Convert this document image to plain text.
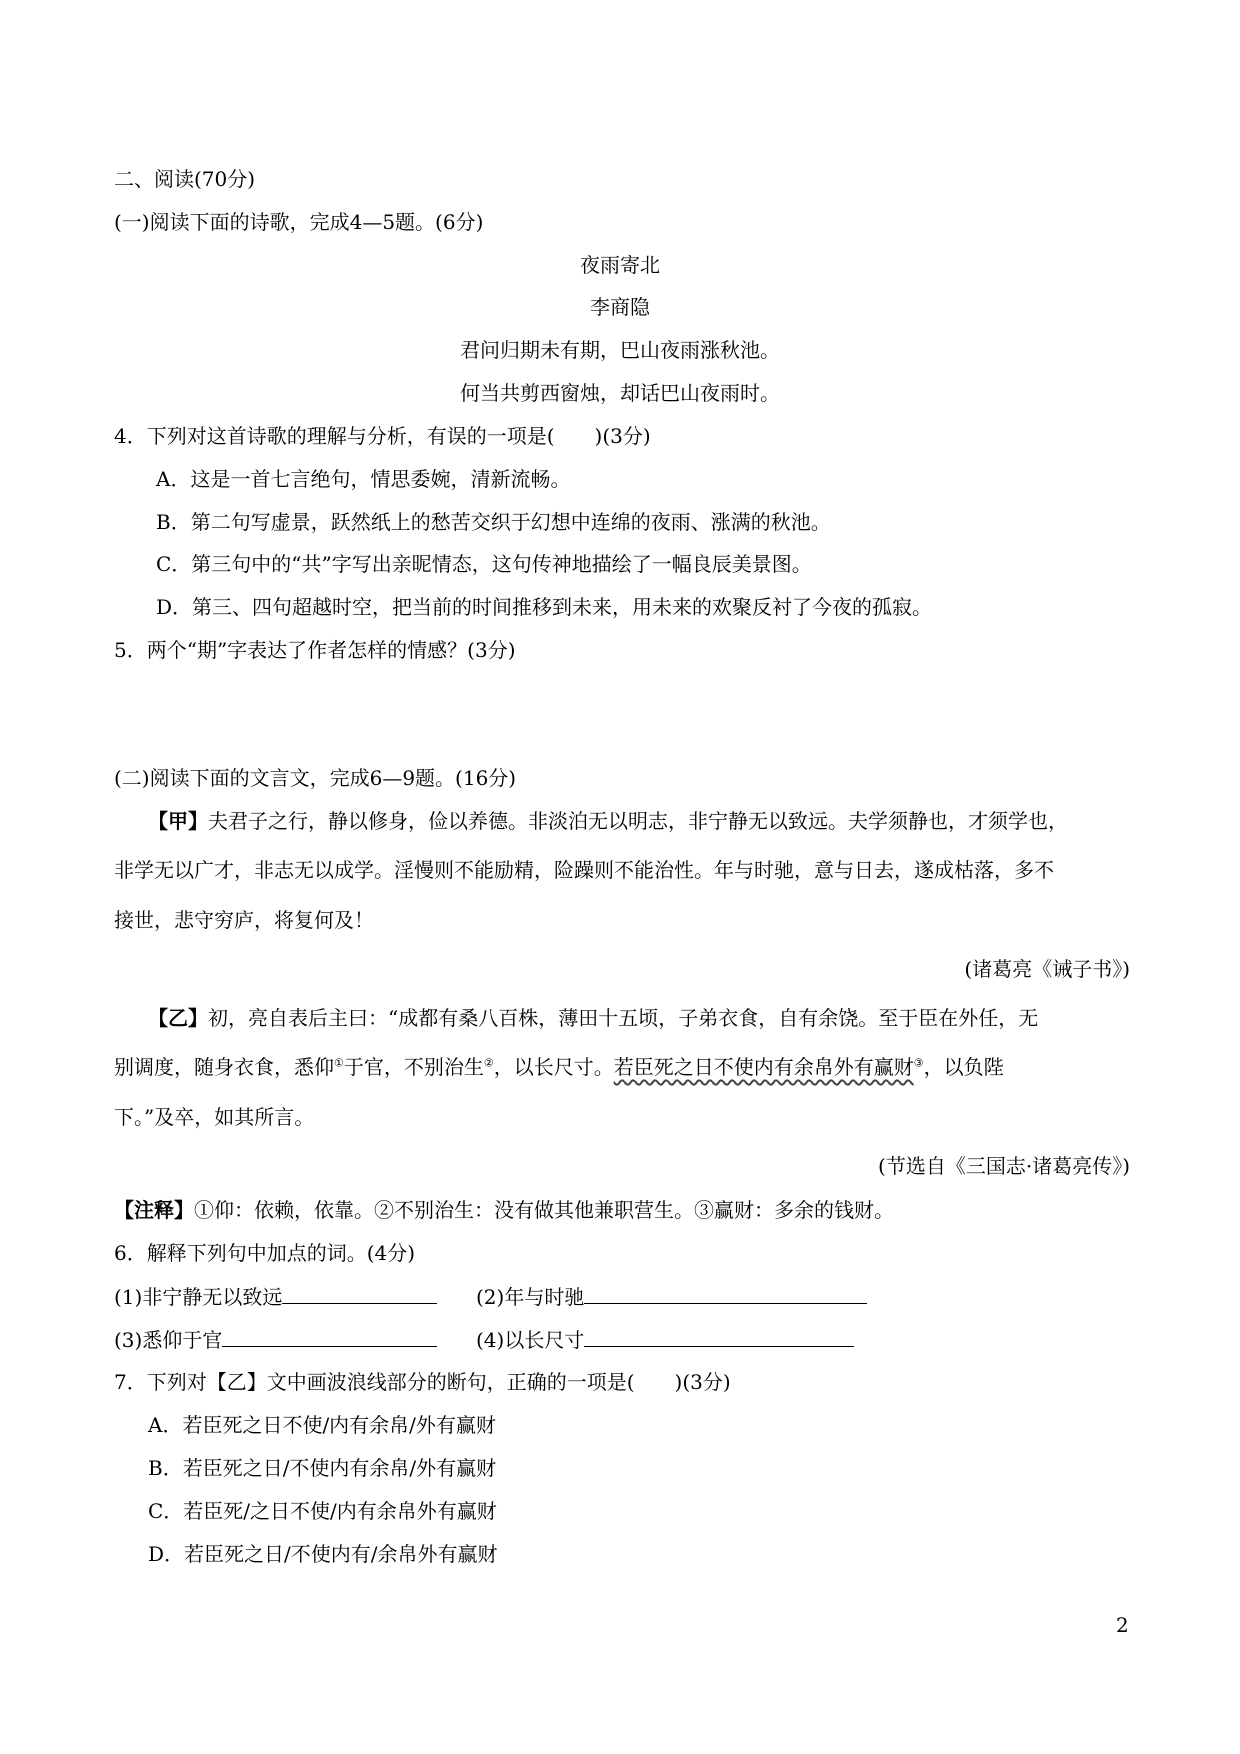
二、阅读(70分)
(一)阅读下面的诗歌，完成4—5题。(6分)
夜雨寄北
李商隐
君问归期未有期，巴山夜雨涨秋池。
何当共剪西窗烛，却话巴山夜雨时。
4．下列对这首诗歌的理解与分析，有误的一项是(　　)(3分)
A．这是一首七言绝句，情思委婉，清新流畅。
B．第二句写虚景，跃然纸上的愁苦交织于幻想中连绵的夜雨、涨满的秋池。
C．第三句中的“共”字写出亲昵情态，这句传神地描绘了一幅良辰美景图。
D．第三、四句超越时空，把当前的时间推移到未来，用未来的欢聚反衬了今夜的孤寂。
5．两个“期”字表达了作者怎样的情感？(3分)
(二)阅读下面的文言文，完成6—9题。(16分)
【甲】夫君子之行，静以修身，俭以养德。非淡泊无以明志，非宁静无以致远。夫学须静也，才须学也，
非学无以广才，非志无以成学。淫慢则不能励精，险躁则不能治性。年与时驰，意与日去，遂成枯落，多不
接世，悲守穷庐，将复何及！
(诸葛亮《诫子书》)
【乙】初，亮自表后主曰：“成都有桑八百株，薄田十五顷，子弟衣食，自有余饶。至于臣在外任，无
别调度，随身衣食，悉仰①于官，不别治生②，以长尺寸。若臣死之日不使内有余帛外有赢财③，以负陛
下。”及卒，如其所言。
(节选自《三国志·诸葛亮传》)
【注释】①仰：依赖，依靠。②不别治生：没有做其他兼职营生。③赢财：多余的钱财。
6．解释下列句中加点的词。(4分)
(1)非宁静无以致远	(2)年与时驰
(3)悉仰于官	(4)以长尺寸
7．下列对【乙】文中画波浪线部分的断句，正确的一项是(　　)(3分)
A．若臣死之日不使/内有余帛/外有赢财
B．若臣死之日/不使内有余帛/外有赢财
C．若臣死/之日不使/内有余帛外有赢财
D．若臣死之日/不使内有/余帛外有赢财
2
